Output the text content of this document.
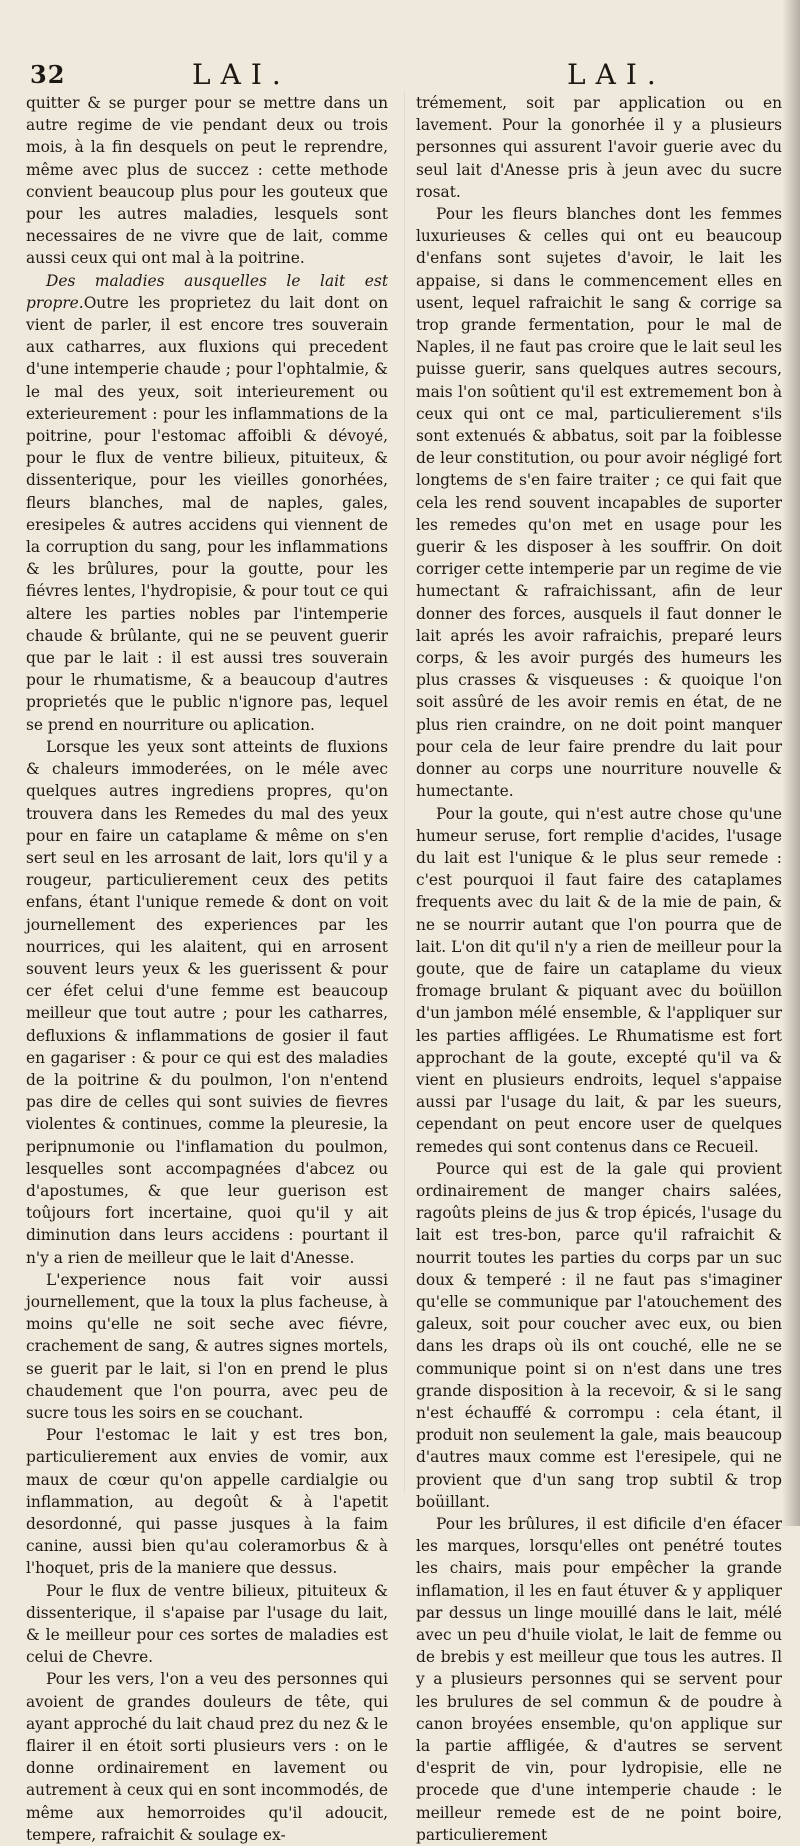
32	LAI.	LAI.

quitter & se purger pour se mettre dans un autre regime de vie pendant deux ou trois mois, à la fin desquels on peut le reprendre, même avec plus de succez : cette methode convient beaucoup plus pour les gouteux que pour les autres maladies, lesquels sont necessaires de ne vivre que de lait, comme aussi ceux qui ont mal à la poitrine.

Des maladies ausquelles le lait est propre.Outre les proprietez du lait dont on vient de parler, il est encore tres souverain aux catharres, aux fluxions qui precedent d'une intemperie chaude ; pour l'ophtalmie, & le mal des yeux, soit interieurement ou exterieurement : pour les inflammations de la poitrine, pour l'estomac affoibli & dévoyé, pour le flux de ventre bilieux, pituiteux, & dissenterique, pour les vieilles gonorhées, fleurs blanches, mal de naples, gales, eresipeles & autres accidens qui viennent de la corruption du sang, pour les inflammations & les brûlures, pour la goutte, pour les fiévres lentes, l'hydropisie, & pour tout ce qui altere les parties nobles par l'intemperie chaude & brûlante, qui ne se peuvent guerir que par le lait : il est aussi tres souverain pour le rhumatisme, & a beaucoup d'autres proprietés que le public n'ignore pas, lequel se prend en nourriture ou aplication.

Lorsque les yeux sont atteints de fluxions & chaleurs immoderées, on le méle avec quelques autres ingrediens propres, qu'on trouvera dans les Remedes du mal des yeux pour en faire un cataplame & même on s'en sert seul en les arrosant de lait, lors qu'il y a rougeur, particulierement ceux des petits enfans, étant l'unique remede & dont on voit journellement des experiences par les nourrices, qui les alaitent, qui en arrosent souvent leurs yeux & les guerissent & pour cer éfet celui d'une femme est beaucoup meilleur que tout autre ; pour les catharres, defluxions & inflammations de gosier il faut en gagariser : & pour ce qui est des maladies de la poitrine & du poulmon, l'on n'entend pas dire de celles qui sont suivies de fievres violentes & continues, comme la pleuresie, la peripnumonie ou l'inflamation du poulmon, lesquelles sont accompagnées d'abcez ou d'apostumes, & que leur guerison est toûjours fort incertaine, quoi qu'il y ait diminution dans leurs accidens : pourtant il n'y a rien de meilleur que le lait d'Anesse.

L'experience nous fait voir aussi journellement, que la toux la plus facheuse, à moins qu'elle ne soit seche avec fiévre, crachement de sang, & autres signes mortels, se guerit par le lait, si l'on en prend le plus chaudement que l'on pourra, avec peu de sucre tous les soirs en se couchant.

Pour l'estomac le lait y est tres bon, particulierement aux envies de vomir, aux maux de cœur qu'on appelle cardialgie ou inflammation, au degoût & à l'apetit desordonné, qui passe jusques à la faim canine, aussi bien qu'au coleramorbus & à l'hoquet, pris de la maniere que dessus.

Pour le flux de ventre bilieux, pituiteux & dissenterique, il s'apaise par l'usage du lait, & le meilleur pour ces sortes de maladies est celui de Chevre.

Pour les vers, l'on a veu des personnes qui avoient de grandes douleurs de tête, qui ayant approché du lait chaud prez du nez & le flairer il en étoit sorti plusieurs vers : on le donne ordinairement en lavement ou autrement à ceux qui en sont incommodés, de même aux hemorroides qu'il adoucit, tempere, rafraichit & soulage ex-

trémement, soit par application ou en lavement. Pour la gonorhée il y a plusieurs personnes qui assurent l'avoir guerie avec du seul lait d'Anesse pris à jeun avec du sucre rosat.

Pour les fleurs blanches dont les femmes luxurieuses & celles qui ont eu beaucoup d'enfans sont sujetes d'avoir, le lait les appaise, si dans le commencement elles en usent, lequel rafraichit le sang & corrige sa trop grande fermentation, pour le mal de Naples, il ne faut pas croire que le lait seul les puisse guerir, sans quelques autres secours, mais l'on soûtient qu'il est extremement bon à ceux qui ont ce mal, particulierement s'ils sont extenués & abbatus, soit par la foiblesse de leur constitution, ou pour avoir négligé fort longtems de s'en faire traiter ; ce qui fait que cela les rend souvent incapables de suporter les remedes qu'on met en usage pour les guerir & les disposer à les souffrir. On doit corriger cette intemperie par un regime de vie humectant & rafraichissant, afin de leur donner des forces, ausquels il faut donner le lait aprés les avoir rafraichis, preparé leurs corps, & les avoir purgés des humeurs les plus crasses & visqueuses : & quoique l'on soit assûré de les avoir remis en état, de ne plus rien craindre, on ne doit point manquer pour cela de leur faire prendre du lait pour donner au corps une nourriture nouvelle & humectante.

Pour la goute, qui n'est autre chose qu'une humeur seruse, fort remplie d'acides, l'usage du lait est l'unique & le plus seur remede : c'est pourquoi il faut faire des cataplames frequents avec du lait & de la mie de pain, & ne se nourrir autant que l'on pourra que de lait. L'on dit qu'il n'y a rien de meilleur pour la goute, que de faire un cataplame du vieux fromage brulant & piquant avec du boüillon d'un jambon mélé ensemble, & l'appliquer sur les parties affligées. Le Rhumatisme est fort approchant de la goute, excepté qu'il va & vient en plusieurs endroits, lequel s'appaise aussi par l'usage du lait, & par les sueurs, cependant on peut encore user de quelques remedes qui sont contenus dans ce Recueil.

Pource qui est de la gale qui provient ordinairement de manger chairs salées, ragoûts pleins de jus & trop épicés, l'usage du lait est tres-bon, parce qu'il rafraichit & nourrit toutes les parties du corps par un suc doux & temperé : il ne faut pas s'imaginer qu'elle se communique par l'atouchement des galeux, soit pour coucher avec eux, ou bien dans les draps où ils ont couché, elle ne se communique point si on n'est dans une tres grande disposition à la recevoir, & si le sang n'est échauffé & corrompu : cela étant, il produit non seulement la gale, mais beaucoup d'autres maux comme est l'eresipele, qui ne provient que d'un sang trop subtil & trop boüillant.

Pour les brûlures, il est dificile d'en éfacer les marques, lorsqu'elles ont penétré toutes les chairs, mais pour empêcher la grande inflamation, il les en faut étuver & y appliquer par dessus un linge mouillé dans le lait, mélé avec un peu d'huile violat, le lait de femme ou de brebis y est meilleur que tous les autres. Il y a plusieurs personnes qui se servent pour les brulures de sel commun & de poudre à canon broyées ensemble, qu'on applique sur la partie affligée, & d'autres se servent d'esprit de vin, pour lydropisie, elle ne procede que d'une intemperie chaude : le meilleur remede est de ne point boire, particulierement
